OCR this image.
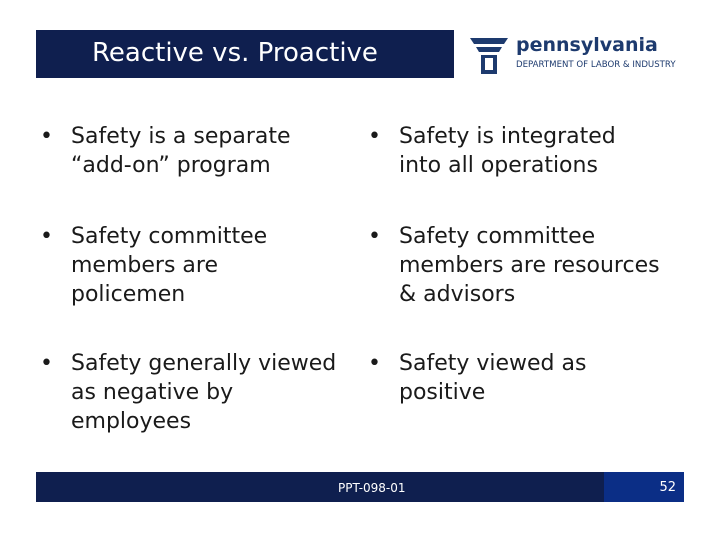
Reactive vs. Proactive	pennsylvania
DEPARTMENT OF LABOR & INDUSTRY
• Safety is a separate
“add-on” program
• Safety committee
members are
policemen
• Safety generally viewed
as negative by
employees
• Safety is integrated
into all operations
• Safety committee
members are resources
& advisors
• Safety viewed as
positive
PPT-098-01	52
